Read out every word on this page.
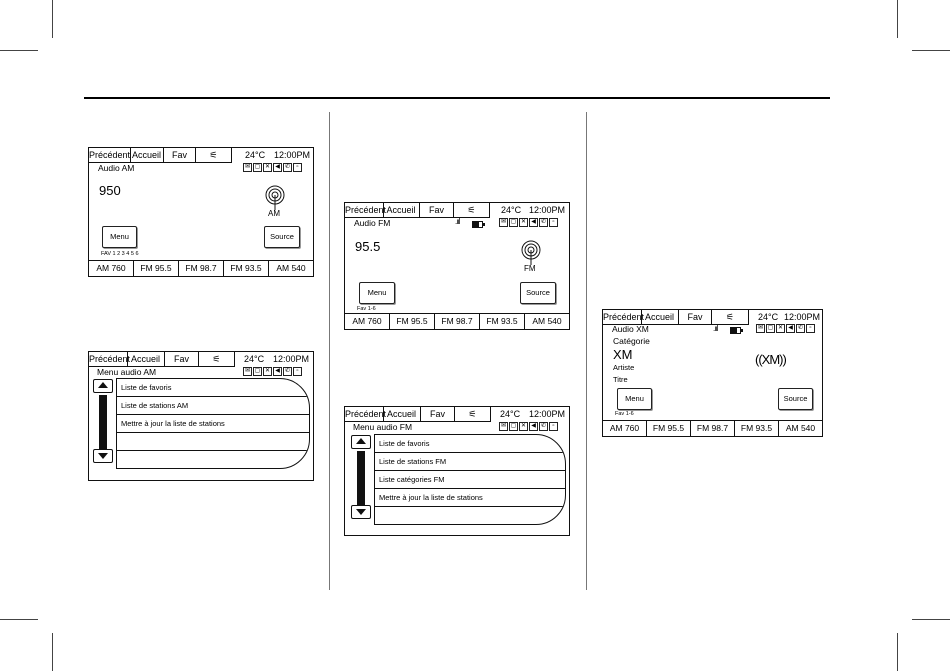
Précédent Accueil	Fav	⚟	24°C 12:00PM
Audio AM	✉ ▢ ✕ ◀ ✆	▫
950
AM
Menu	Source
FAV 1 2 3 4 5 6
AM 760	FM 95.5	FM 98.7	FM 93.5	AM 540
Précédent Accueil	Fav	⚟	24°C 12:00PM
Menu audio AM	✉ ▢ ✕ ◀ ✆	▫
Liste de favoris
Liste de stations AM
Mettre à jour la liste de stations
Précédent Accueil	Fav	⚟	24°C 12:00PM
Audio FM	.ııl	✉ ▢ ✕ ◀ ✆	▫
95.5
FM
Menu	Source
Fav 1-6
AM 760	FM 95.5	FM 98.7	FM 93.5	AM 540
Précédent Accueil	Fav	⚟	24°C 12:00PM
Menu audio FM	✉ ▢ ✕ ◀ ✆	▫
Liste de favoris
Liste de stations FM
Liste catégories FM
Mettre à jour la liste de stations
Précédent Accueil	Fav	⚟	24°C 12:00PM
Audio XM	.ııl	✉ ▢ ✕ ◀ ✆	▫
Catégorie
XM
Artiste
Titre
((XM))
Menu	Source
Fav 1-6
AM 760	FM 95.5	FM 98.7	FM 93.5	AM 540
